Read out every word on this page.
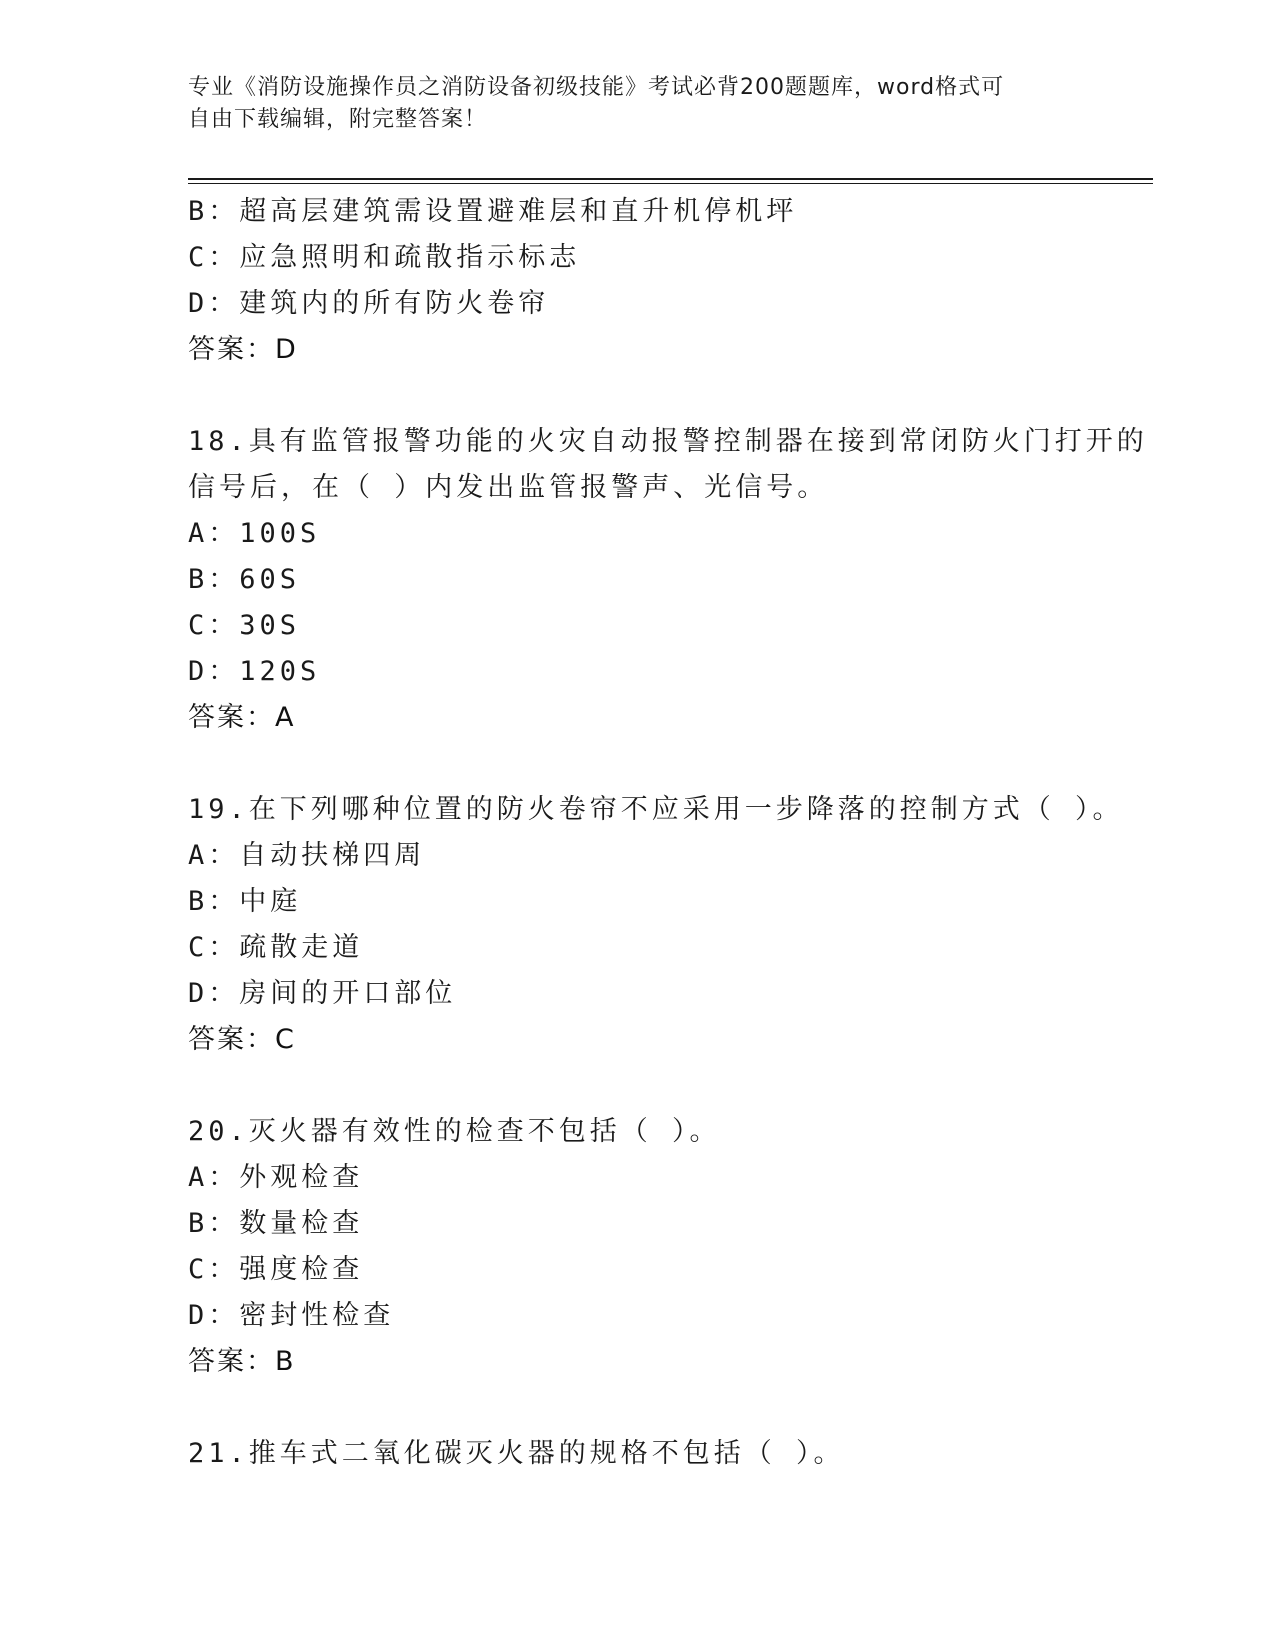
专业《消防设施操作员之消防设备初级技能》考试必背200题题库，word格式可
自由下载编辑，附完整答案！
B：超高层建筑需设置避难层和直升机停机坪
C：应急照明和疏散指示标志
D：建筑内的所有防火卷帘
答案：D
18.具有监管报警功能的火灾自动报警控制器在接到常闭防火门打开的
信号后，在（ ）内发出监管报警声、光信号。
A：100S
B：60S
C：30S
D：120S
答案：A
19.在下列哪种位置的防火卷帘不应采用一步降落的控制方式（ ）。
A：自动扶梯四周
B：中庭
C：疏散走道
D：房间的开口部位
答案：C
20.灭火器有效性的检查不包括（ ）。
A：外观检查
B：数量检查
C：强度检查
D：密封性检查
答案：B
21.推车式二氧化碳灭火器的规格不包括（ ）。
